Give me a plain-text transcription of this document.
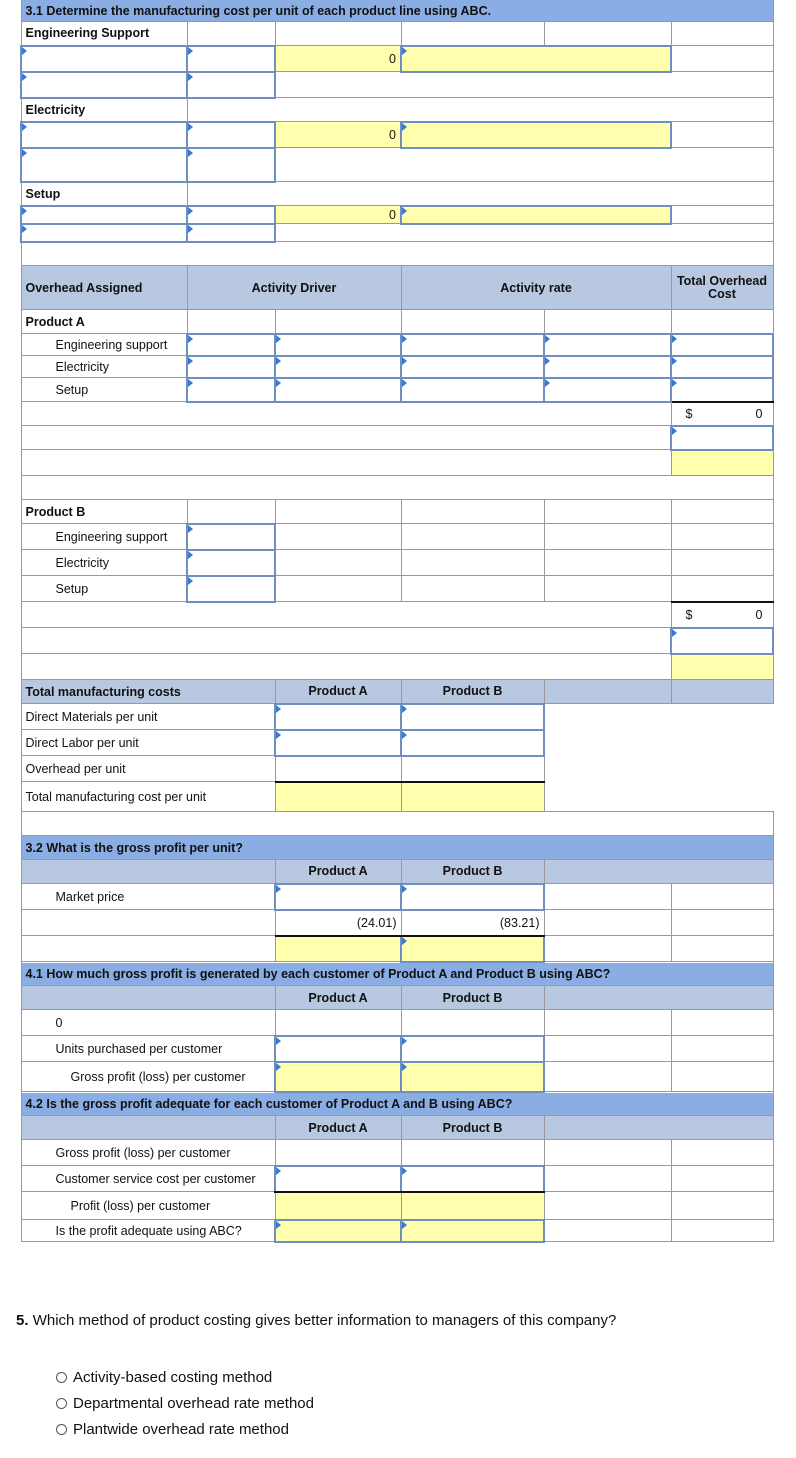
3.1 Determine the manufacturing cost per unit of each product line using ABC.					
Engineering Support					
		0			

Electricity					
		0			

Setup					
		0			

Overhead Assigned	Activity Driver		Activity rate		Total Overhead Cost
Product A					
Engineering support					
Electricity					
Setup					

					$ 0

Product B					
Engineering support					
Electricity					
Setup					

					$ 0

Total manufacturing costs		Product A	Product B		
Direct Materials per unit					
Direct Labor per unit					
Overhead per unit					
Total manufacturing cost per unit					

3.2 What is the gross profit per unit?					
		Product A	Product B		
Market price					
		(24.01)	(83.21)		

4.1 How much gross profit is generated by each customer of Product A and Product B using ABC?					
		Product A	Product B		
0					
Units purchased per customer					
Gross profit (loss) per customer					
4.2 Is the gross profit adequate for each customer of Product A and B using ABC?					
		Product A	Product B		
Gross profit (loss) per customer					
Customer service cost per customer					
Profit (loss) per customer					
Is the profit adequate using ABC?					
5. Which method of product costing gives better information to managers of this company?
Activity-based costing method
Departmental overhead rate method
Plantwide overhead rate method
